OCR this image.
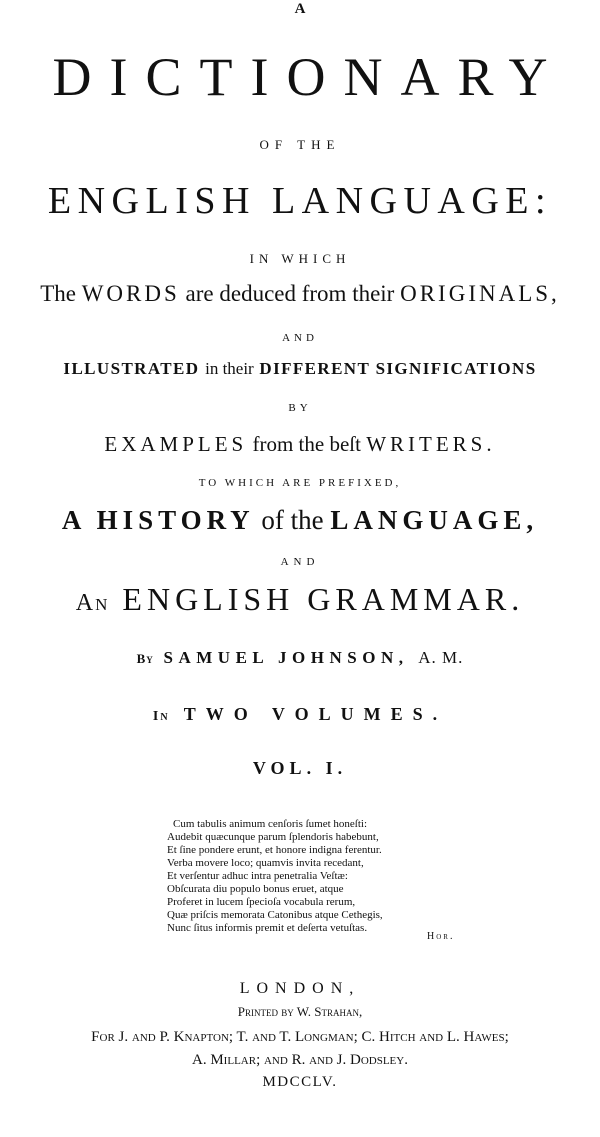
A
DICTIONARY
OF THE
ENGLISH LANGUAGE:
IN WHICH
The WORDS are deduced from their ORIGINALS,
AND
ILLUSTRATED in their DIFFERENT SIGNIFICATIONS
BY
EXAMPLES from the beſt WRITERS.
TO WHICH ARE PREFIXED,
A HISTORY of the LANGUAGE,
AND
An ENGLISH GRAMMAR.
By SAMUEL JOHNSON, A. M.
In TWO VOLUMES.
VOL. I.
Cum tabulis animum cenſoris ſumet honeſti:
Audebit quæcunque parum ſplendoris habebunt,
Et ſine pondere erunt, et honore indigna ferentur.
Verba movere loco; quamvis invita recedant,
Et verſentur adhuc intra penetralia Veſtæ:
Obſcurata diu populo bonus eruet, atque
Proferet in lucem ſpecioſa vocabula rerum,
Quæ priſcis memorata Catonibus atque Cethegis,
Nunc ſitus informis premit et deſerta vetuſtas.
Hor.
LONDON,
Printed by W. Strahan,
For J. and P. Knapton; T. and T. Longman; C. Hitch and L. Hawes;
A. Millar; and R. and J. Dodsley.
MDCCLV.
